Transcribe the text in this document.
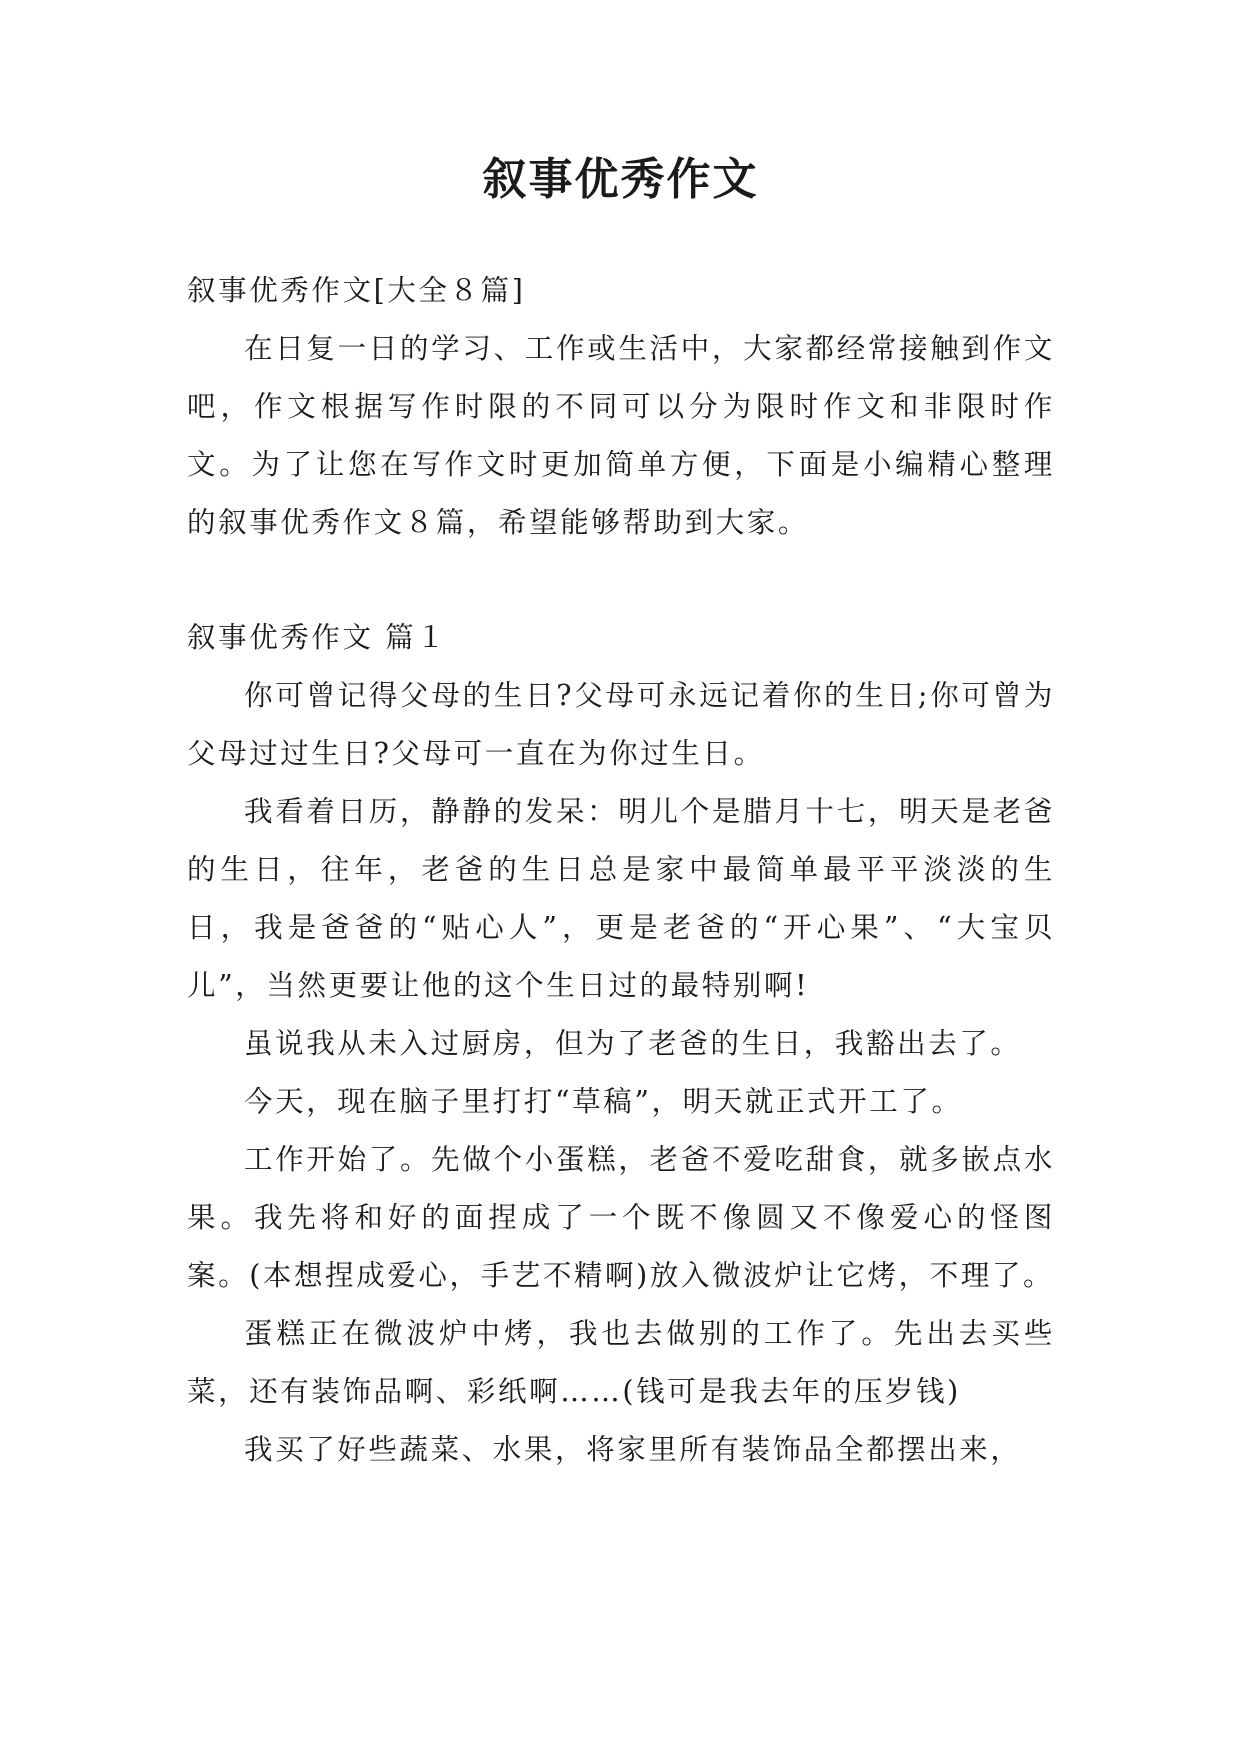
叙事优秀作文

叙事优秀作文[大全８篇]

在日复一日的学习、工作或生活中，大家都经常接触到作文吧，作文根据写作时限的不同可以分为限时作文和非限时作文。为了让您在写作文时更加简单方便，下面是小编精心整理的叙事优秀作文８篇，希望能够帮助到大家。

叙事优秀作文 篇１

你可曾记得父母的生日?父母可永远记着你的生日;你可曾为父母过过生日?父母可一直在为你过生日。

我看着日历，静静的发呆：明儿个是腊月十七，明天是老爸的生日，往年，老爸的生日总是家中最简单最平平淡淡的生日，我是爸爸的“贴心人”，更是老爸的“开心果”、“大宝贝儿”，当然更要让他的这个生日过的最特别啊!

虽说我从未入过厨房，但为了老爸的生日，我豁出去了。

今天，现在脑子里打打“草稿”，明天就正式开工了。

工作开始了。先做个小蛋糕，老爸不爱吃甜食，就多嵌点水果。我先将和好的面捏成了一个既不像圆又不像爱心的怪图案。(本想捏成爱心，手艺不精啊)放入微波炉让它烤，不理了。

蛋糕正在微波炉中烤，我也去做别的工作了。先出去买些菜，还有装饰品啊、彩纸啊……(钱可是我去年的压岁钱)

我买了好些蔬菜、水果，将家里所有装饰品全都摆出来，
